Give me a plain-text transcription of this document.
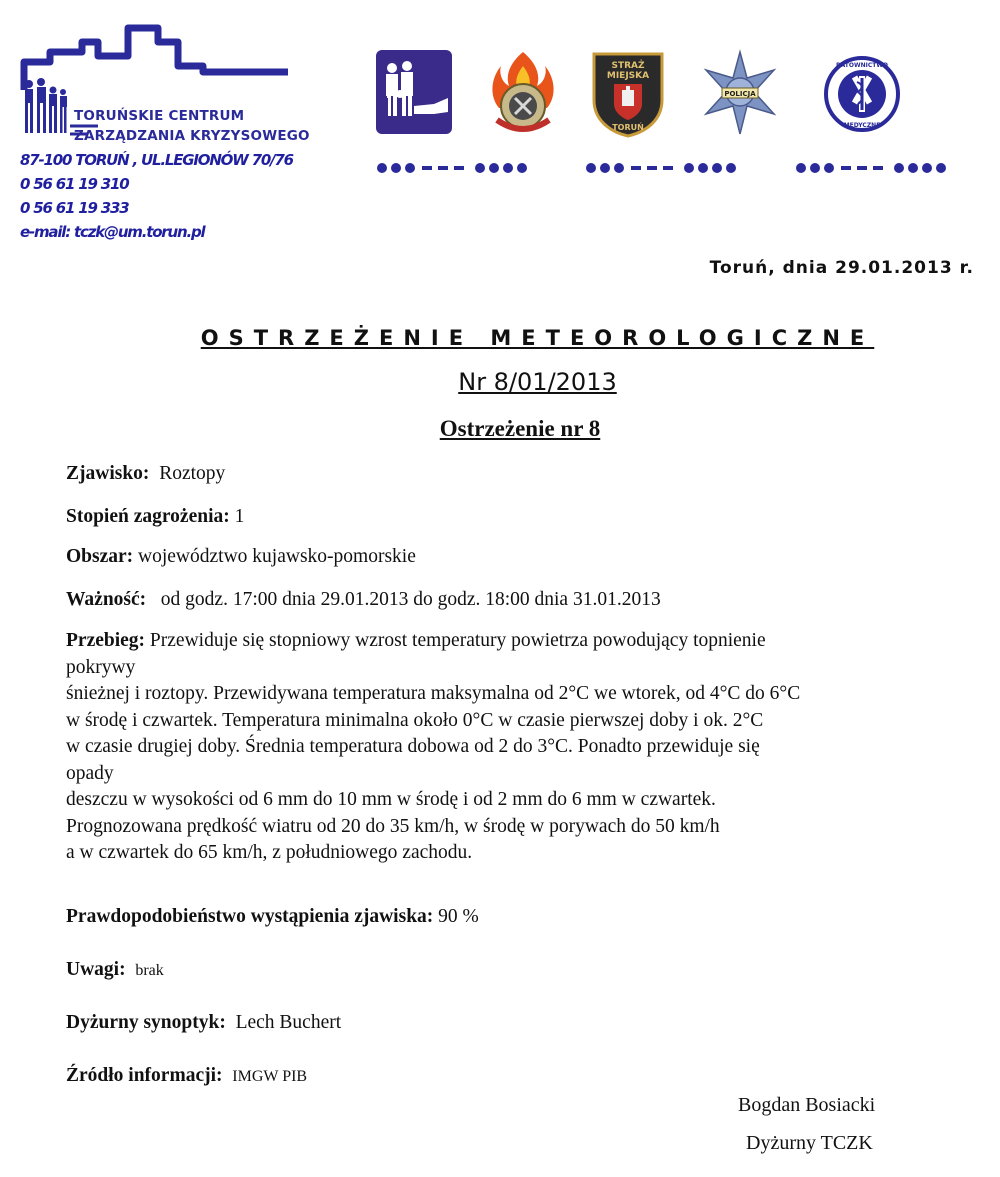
TORUŃSKIE CENTRUM
ZARZĄDZANIA KRYZYSOWEGO
87-100 TORUŃ , UL.LEGIONÓW 70/76
0 56 61 19 310
0 56 61 19 333
e-mail: tczk@um.torun.pl
STRAŻ
MIEJSKA
TORUŃ
POLICJA
RATOWNICTWO
MEDYCZNE
Toruń, dnia 29.01.2013 r.
OSTRZEŻENIE METEOROLOGICZNE
Nr 8/01/2013
Ostrzeżenie nr 8
Zjawisko: Roztopy
Stopień zagrożenia: 1
Obszar: województwo kujawsko-pomorskie
Ważność: od godz. 17:00 dnia 29.01.2013 do godz. 18:00 dnia 31.01.2013
Przebieg: Przewiduje się stopniowy wzrost temperatury powietrza powodujący topnienie
pokrywy
śnieżnej i roztopy. Przewidywana temperatura maksymalna od 2°C we wtorek, od 4°C do 6°C
w środę i czwartek. Temperatura minimalna około 0°C w czasie pierwszej doby i ok. 2°C
w czasie drugiej doby. Średnia temperatura dobowa od 2 do 3°C. Ponadto przewiduje się
opady
deszczu w wysokości od 6 mm do 10 mm w środę i od 2 mm do 6 mm w czwartek.
Prognozowana prędkość wiatru od 20 do 35 km/h, w środę w porywach do 50 km/h
a w czwartek do 65 km/h, z południowego zachodu.
Prawdopodobieństwo wystąpienia zjawiska: 90 %
Uwagi: brak
Dyżurny synoptyk: Lech Buchert
Źródło informacji: IMGW PIB
Bogdan Bosiacki
Dyżurny TCZK
